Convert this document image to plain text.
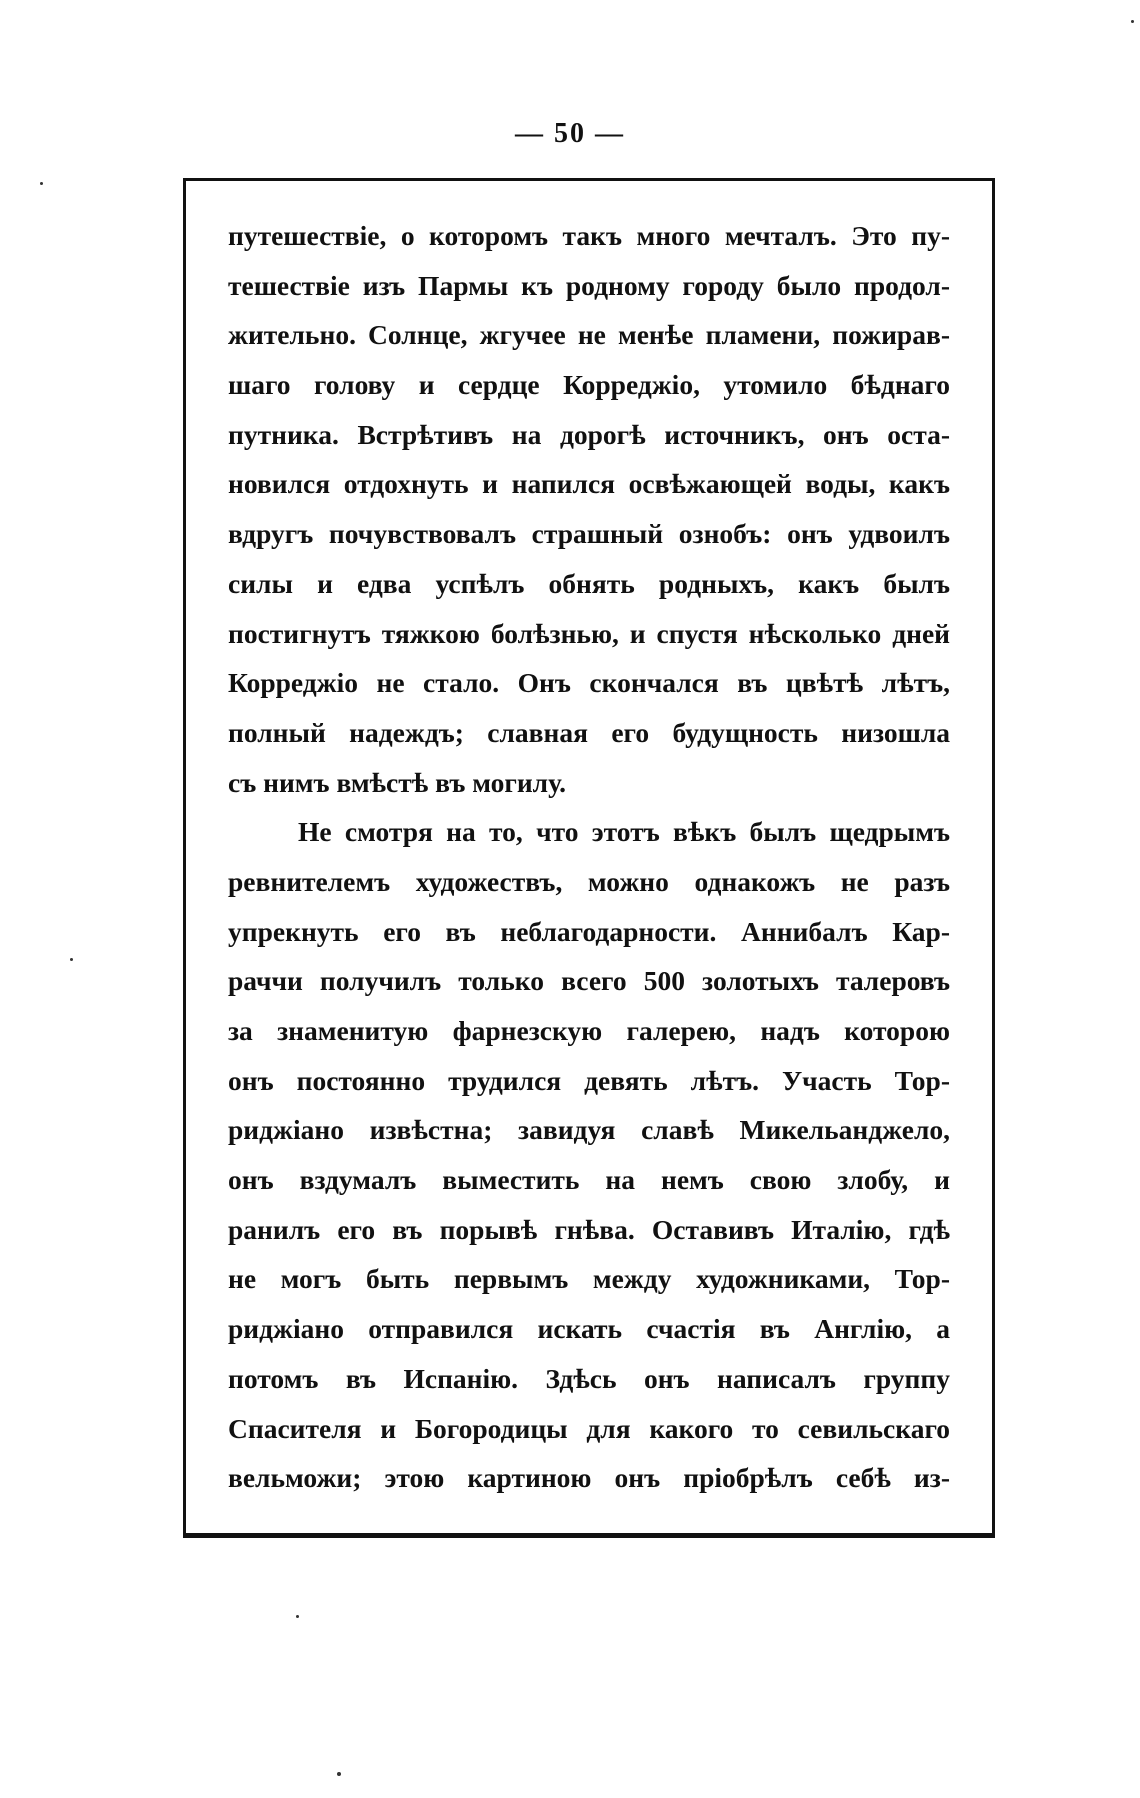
— 50 —
путешествіе, о которомъ такъ много мечталъ. Это пу-
тешествіе изъ Пармы къ родному городу было продол-
жительно. Солнце, жгучее не менѣе пламени, пожирав-
шаго голову и сердце Корреджіо, утомило бѣднаго
путника. Встрѣтивъ на дорогѣ источникъ, онъ оста-
новился отдохнуть и напился освѣжающей воды, какъ
вдругъ почувствовалъ страшный ознобъ: онъ удвоилъ
силы и едва успѣлъ обнять родныхъ, какъ былъ
постигнутъ тяжкою болѣзнью, и спустя нѣсколько дней
Корреджіо не стало. Онъ скончался въ цвѣтѣ лѣтъ,
полный надеждъ; славная его будущность низошла
съ нимъ вмѣстѣ въ могилу.
Не смотря на то, что этотъ вѣкъ былъ щедрымъ
ревнителемъ художествъ, можно однакожъ не разъ
упрекнуть его въ неблагодарности. Аннибалъ Кар-
раччи получилъ только всего 500 золотыхъ талеровъ
за знаменитую фарнезскую галерею, надъ которою
онъ постоянно трудился девять лѣтъ. Участь Тор-
риджіано извѣстна; завидуя славѣ Микельанджело,
онъ вздумалъ выместить на немъ свою злобу, и
ранилъ его въ порывѣ гнѣва. Оставивъ Италію, гдѣ
не могъ быть первымъ между художниками, Тор-
риджіано отправился искать счастія въ Англію, а
потомъ въ Испанію. Здѣсь онъ написалъ группу
Спасителя и Богородицы для какого то севильскаго
вельможи; этою картиною онъ пріобрѣлъ себѣ из-
